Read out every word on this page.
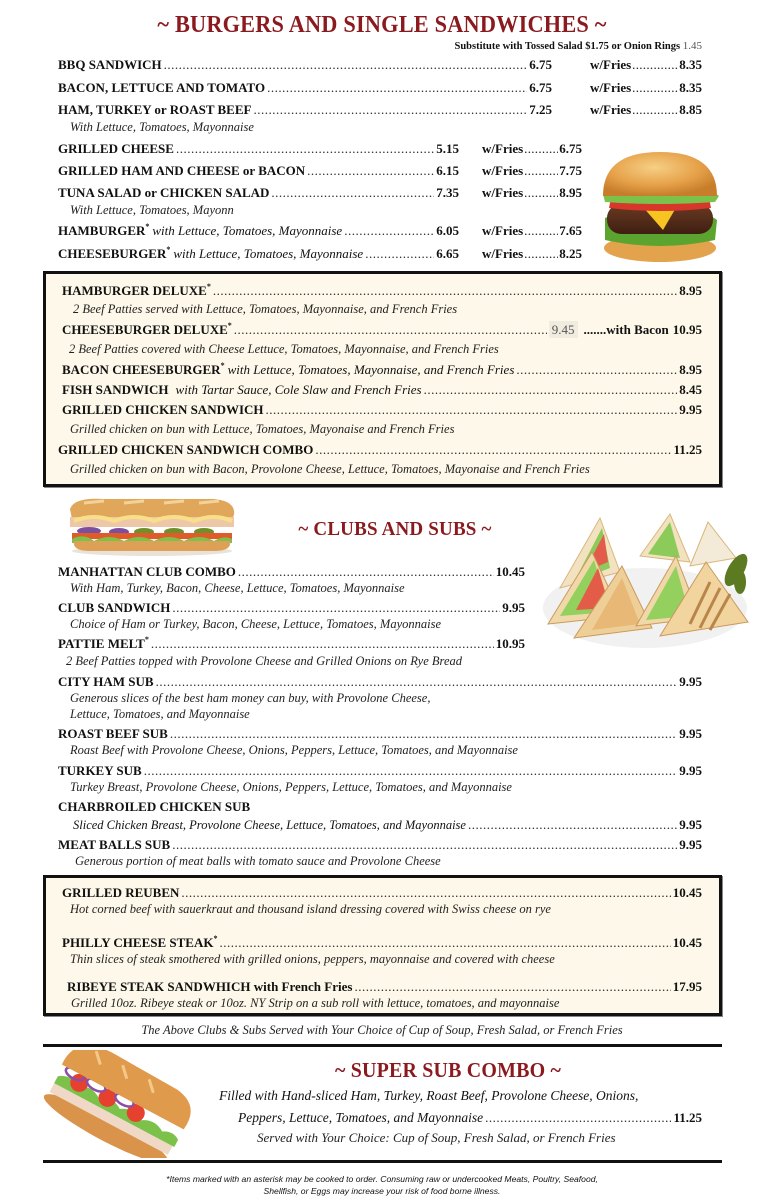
~ BURGERS AND SINGLE SANDWICHES ~
Substitute with Tossed Salad $1.75 or Onion Rings 1.45
BBQ SANDWICH .....	6.75	w/Fries .....	8.35
BACON, LETTUCE AND TOMATO .....	6.75	w/Fries .....	8.35
HAM, TURKEY or ROAST BEEF .....	7.25	w/Fries .....	8.85
With Lettuce, Tomatoes, Mayonnaise
GRILLED CHEESE .....	5.15 w/Fries .....	6.75
GRILLED HAM AND CHEESE or BACON .....	6.15 w/Fries .....	7.75
TUNA SALAD or CHICKEN SALAD .....	7.35 w/Fries .....	8.95
With Lettuce, Tomatoes, Mayonn
HAMBURGER* with Lettuce, Tomatoes, Mayonnaise .....	6.05 w/Fries .....	7.65
CHEESEBURGER* with Lettuce, Tomatoes, Mayonnaise .....	6.65 w/Fries .....	8.25
HAMBURGER DELUXE* .....	8.95
2 Beef Patties served with Lettuce, Tomatoes, Mayonnaise, and French Fries
CHEESEBURGER DELUXE* .....	9.45 .......with Bacon 10.95
2 Beef Patties covered with Cheese Lettuce, Tomatoes, Mayonnaise, and French Fries
BACON CHEESEBURGER* with Lettuce, Tomatoes, Mayonnaise, and French Fries .....	8.95
FISH SANDWICH with Tartar Sauce, Cole Slaw and French Fries .....	8.45
GRILLED CHICKEN SANDWICH .....	9.95
Grilled chicken on bun with Lettuce, Tomatoes, Mayonaise and French Fries
GRILLED CHICKEN SANDWICH COMBO .....	11.25
Grilled chicken on bun with Bacon, Provolone Cheese, Lettuce, Tomatoes, Mayonaise and French Fries
~ CLUBS AND SUBS ~
MANHATTAN CLUB COMBO .....	10.45
With Ham, Turkey, Bacon, Cheese, Lettuce, Tomatoes, Mayonnaise
CLUB SANDWICH .....	9.95
Choice of Ham or Turkey, Bacon, Cheese, Lettuce, Tomatoes, Mayonnaise
PATTIE MELT* .....	10.95
2 Beef Patties topped with Provolone Cheese and Grilled Onions on Rye Bread
CITY HAM SUB .....	9.95
Generous slices of the best ham money can buy, with Provolone Cheese,
Lettuce, Tomatoes, and Mayonnaise
ROAST BEEF SUB .....	9.95
Roast Beef with Provolone Cheese, Onions, Peppers, Lettuce, Tomatoes, and Mayonnaise
TURKEY SUB .....	9.95
Turkey Breast, Provolone Cheese, Onions, Peppers, Lettuce, Tomatoes, and Mayonnaise
CHARBROILED CHICKEN SUB
Sliced Chicken Breast, Provolone Cheese, Lettuce, Tomatoes, and Mayonnaise .....	9.95
MEAT BALLS SUB .....	9.95
Generous portion of meat balls with tomato sauce and Provolone Cheese
GRILLED REUBEN .....	10.45
Hot corned beef with sauerkraut and thousand island dressing covered with Swiss cheese on rye
PHILLY CHEESE STEAK* .....	10.45
Thin slices of steak smothered with grilled onions, peppers, mayonnaise and covered with cheese
RIBEYE STEAK SANDWHICH with French Fries .....	17.95
Grilled 10oz. Ribeye steak or 10oz. NY Strip on a sub roll with lettuce, tomatoes, and mayonnaise
The Above Clubs & Subs Served with Your Choice of Cup of Soup, Fresh Salad, or French Fries
~ SUPER SUB COMBO ~
Filled with Hand-sliced Ham, Turkey, Roast Beef, Provolone Cheese, Onions,
Peppers, Lettuce, Tomatoes, and Mayonnaise .....	11.25
Served with Your Choice: Cup of Soup, Fresh Salad, or French Fries
*Items marked with an asterisk may be cooked to order. Consuming raw or undercooked Meats, Poultry, Seafood,
Shellfish, or Eggs may increase your risk of food borne illness.
